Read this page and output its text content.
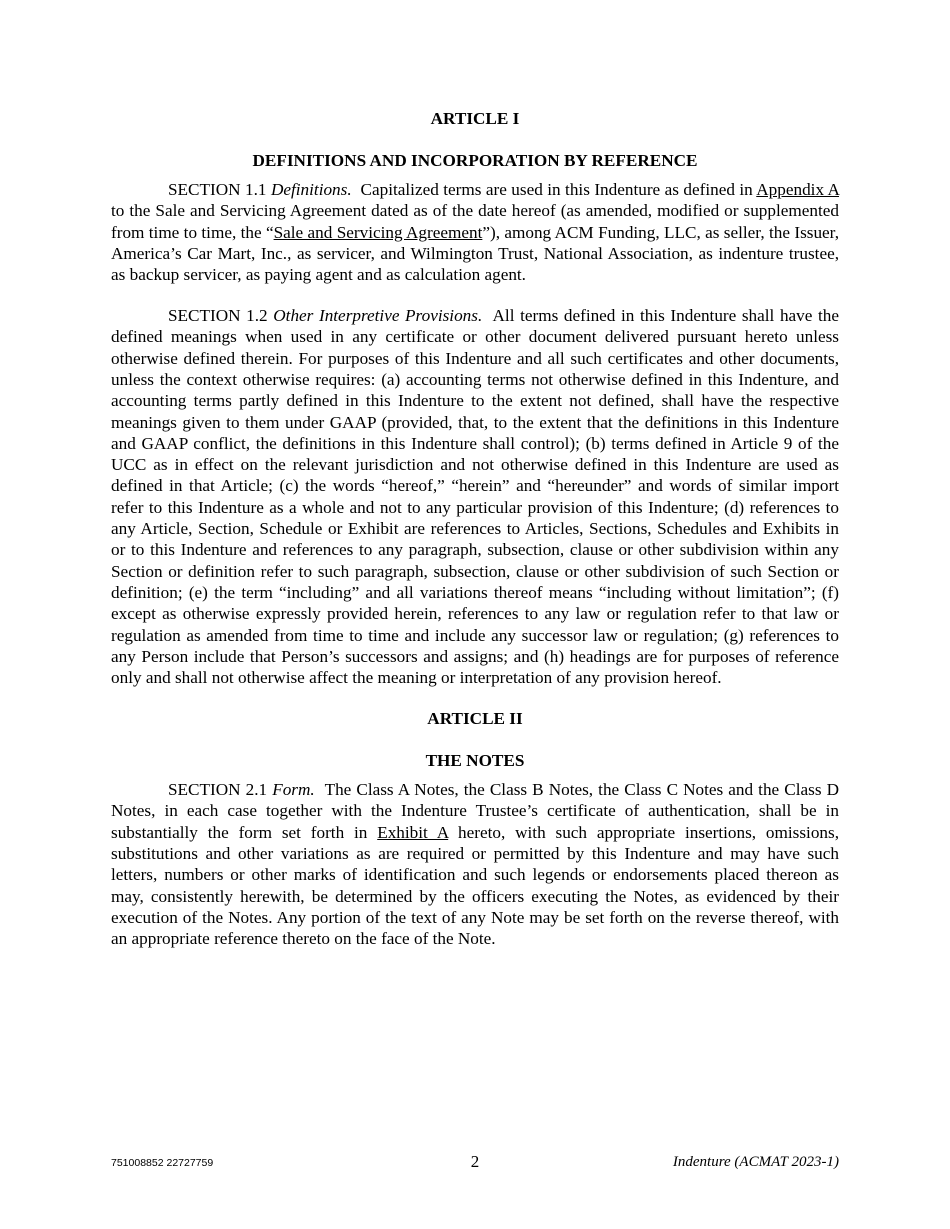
ARTICLE I
DEFINITIONS AND INCORPORATION BY REFERENCE

SECTION 1.1 Definitions. Capitalized terms are used in this Indenture as defined in Appendix A to the Sale and Servicing Agreement dated as of the date hereof (as amended, modified or supplemented from time to time, the “Sale and Servicing Agreement”), among ACM Funding, LLC, as seller, the Issuer, America’s Car Mart, Inc., as servicer, and Wilmington Trust, National Association, as indenture trustee, as backup servicer, as paying agent and as calculation agent.

SECTION 1.2 Other Interpretive Provisions. All terms defined in this Indenture shall have the defined meanings when used in any certificate or other document delivered pursuant hereto unless otherwise defined therein. For purposes of this Indenture and all such certificates and other documents, unless the context otherwise requires: (a) accounting terms not otherwise defined in this Indenture, and accounting terms partly defined in this Indenture to the extent not defined, shall have the respective meanings given to them under GAAP (provided, that, to the extent that the definitions in this Indenture and GAAP conflict, the definitions in this Indenture shall control); (b) terms defined in Article 9 of the UCC as in effect on the relevant jurisdiction and not otherwise defined in this Indenture are used as defined in that Article; (c) the words “hereof,” “herein” and “hereunder” and words of similar import refer to this Indenture as a whole and not to any particular provision of this Indenture; (d) references to any Article, Section, Schedule or Exhibit are references to Articles, Sections, Schedules and Exhibits in or to this Indenture and references to any paragraph, subsection, clause or other subdivision within any Section or definition refer to such paragraph, subsection, clause or other subdivision of such Section or definition; (e) the term “including” and all variations thereof means “including without limitation”; (f) except as otherwise expressly provided herein, references to any law or regulation refer to that law or regulation as amended from time to time and include any successor law or regulation; (g) references to any Person include that Person’s successors and assigns; and (h) headings are for purposes of reference only and shall not otherwise affect the meaning or interpretation of any provision hereof.

ARTICLE II
THE NOTES

SECTION 2.1 Form. The Class A Notes, the Class B Notes, the Class C Notes and the Class D Notes, in each case together with the Indenture Trustee’s certificate of authentication, shall be in substantially the form set forth in Exhibit A hereto, with such appropriate insertions, omissions, substitutions and other variations as are required or permitted by this Indenture and may have such letters, numbers or other marks of identification and such legends or endorsements placed thereon as may, consistently herewith, be determined by the officers executing the Notes, as evidenced by their execution of the Notes. Any portion of the text of any Note may be set forth on the reverse thereof, with an appropriate reference thereto on the face of the Note.

751008852 22727759	2	Indenture (ACMAT 2023-1)
